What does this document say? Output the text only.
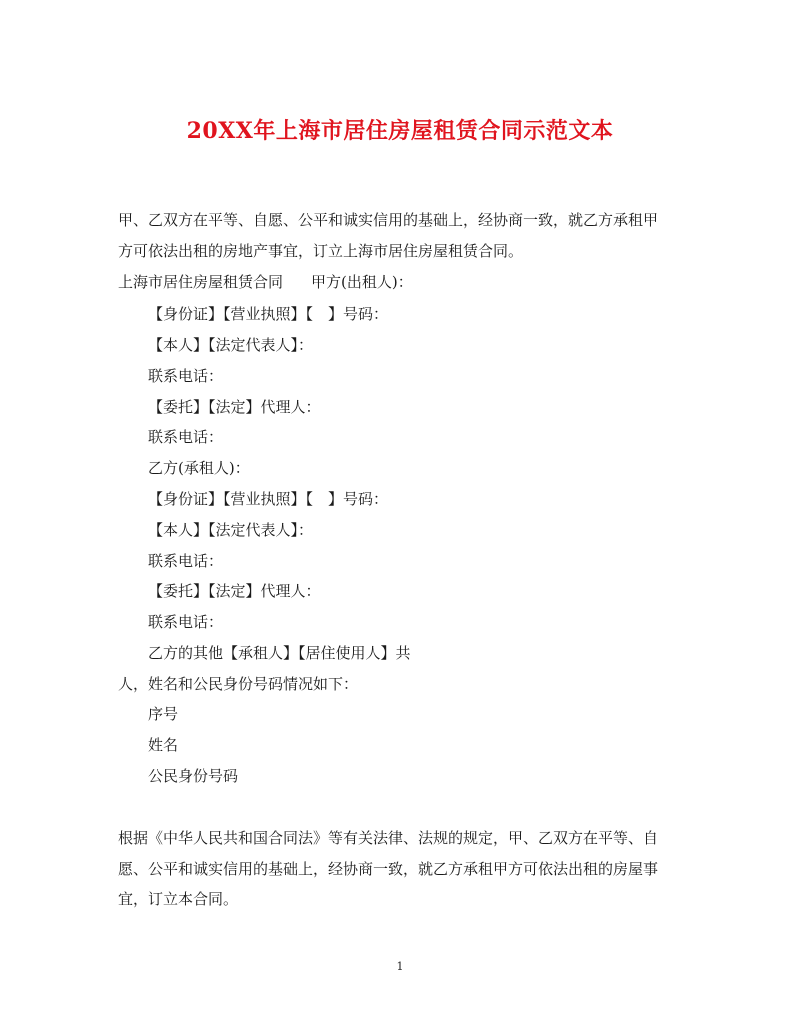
20XX年上海市居住房屋租赁合同示范文本

甲、乙双方在平等、自愿、公平和诚实信用的基础上，经协商一致，就乙方承租甲

方可依法出租的房地产事宜，订立上海市居住房屋租赁合同。

上海市居住房屋租赁合同 甲方(出租人)：

【身份证】【营业执照】【　】号码：

【本人】【法定代表人】：

联系电话：

【委托】【法定】代理人：

联系电话：

乙方(承租人)：

【身份证】【营业执照】【　】号码：

【本人】【法定代表人】：

联系电话：

【委托】【法定】代理人：

联系电话：

乙方的其他【承租人】【居住使用人】共

人，姓名和公民身份号码情况如下：

序号

姓名

公民身份号码

根据《中华人民共和国合同法》等有关法律、法规的规定，甲、乙双方在平等、自

愿、公平和诚实信用的基础上，经协商一致，就乙方承租甲方可依法出租的房屋事

宜，订立本合同。

1
